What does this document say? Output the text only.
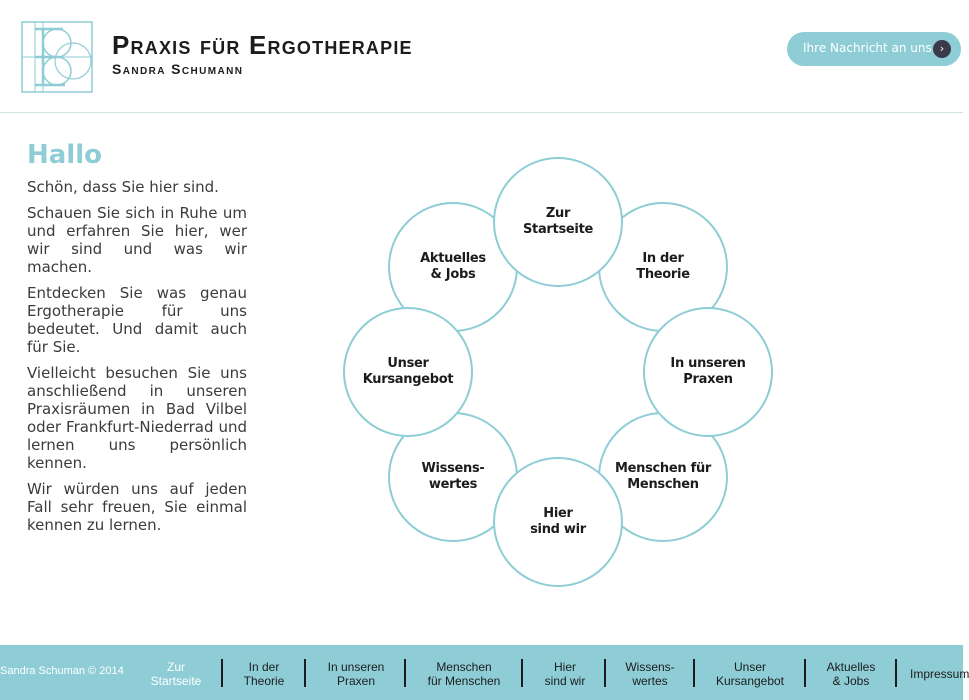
Praxis für Ergotherapie
Sandra Schumann
Ihre Nachricht an uns ›
Hallo

Schön, dass Sie hier sind.

Schauen Sie sich in Ruhe um und erfahren Sie hier, wer wir sind und was wir machen.

Entdecken Sie was genau Ergotherapie für uns bedeutet. Und damit auch für Sie.

Vielleicht besuchen Sie uns anschließend in unseren Praxisräumen in Bad Vilbel oder Frankfurt-Niederrad und lernen uns persönlich kennen.

Wir würden uns auf jeden Fall sehr freuen, Sie einmal kennen zu lernen.

Aktuelles
& Jobs
In der
Theorie
Wissens-
wertes
Menschen für
Menschen
Unser
Kursangebot
In unseren
Praxen
Zur
Startseite
Hier
sind wir
Sandra Schuman © 2014	Zur
Startseite
In der
Theorie
In unseren
Praxen
Menschen
für Menschen
Hier
sind wir
Wissens-
wertes
Unser
Kursangebot
Aktuelles
& Jobs	Impressum
